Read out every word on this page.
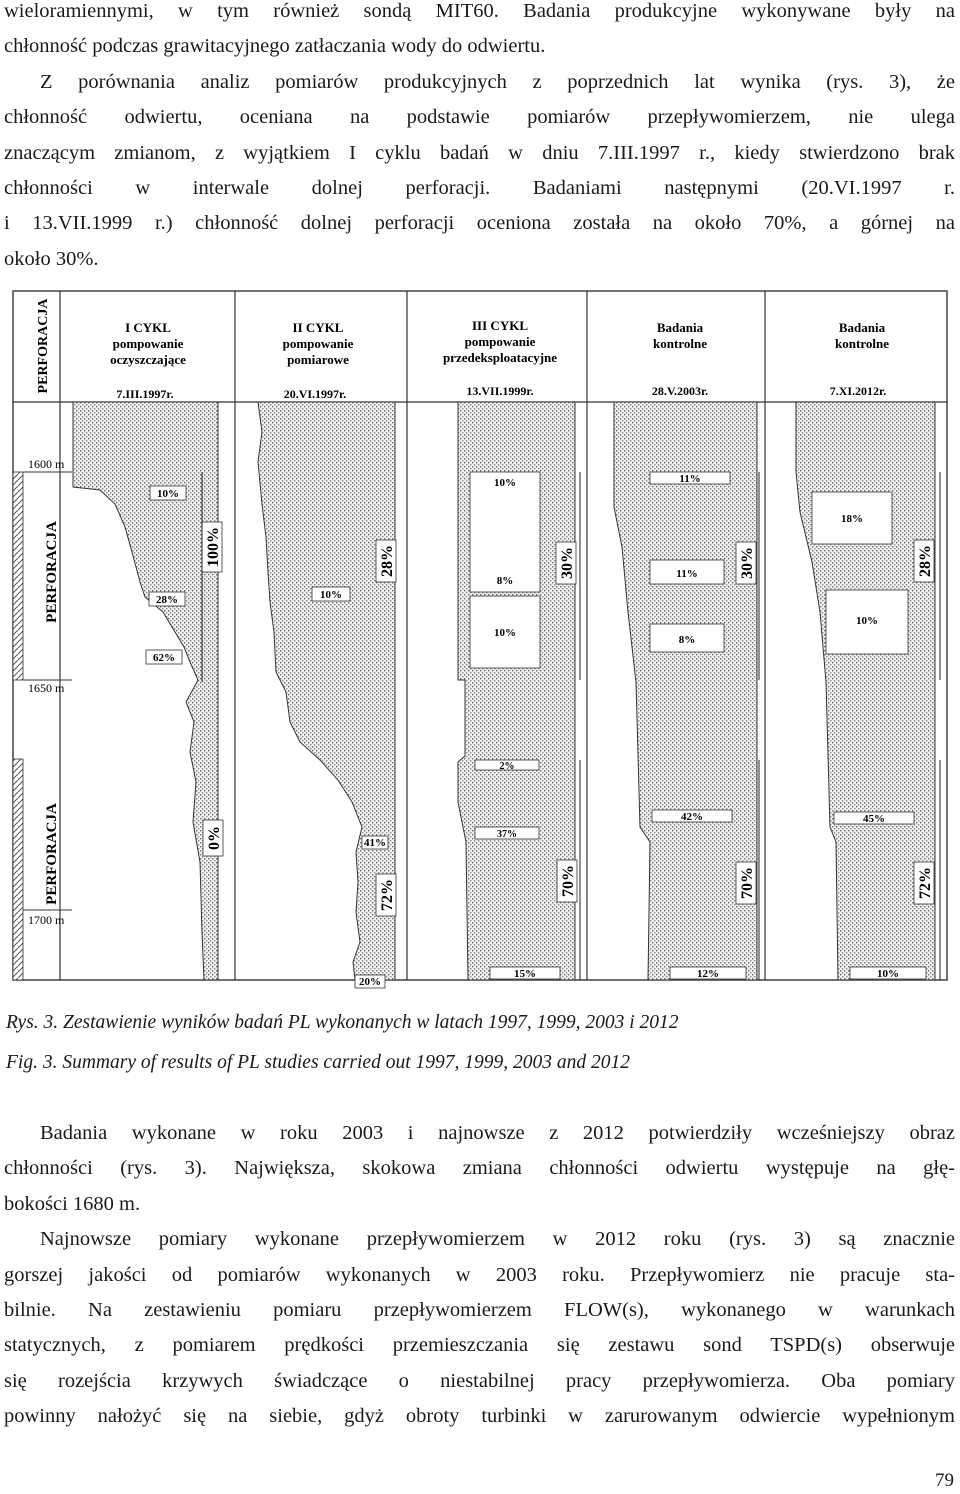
wieloramiennymi, w tym również sondą MIT60. Badania produkcyjne wykonywane były na
chłonność podczas grawitacyjnego zatłaczania wody do odwiertu.
Z porównania analiz pomiarów produkcyjnych z poprzednich lat wynika (rys. 3), że
chłonność odwiertu, oceniana na podstawie pomiarów przepływomierzem, nie ulega
znaczącym zmianom, z wyjątkiem I cyklu badań w dniu 7.III.1997 r., kiedy stwierdzono brak
chłonności w interwale dolnej perforacji. Badaniami następnymi (20.VI.1997 r.
i 13.VII.1999 r.) chłonność dolnej perforacji oceniona została na około 70%, a górnej na
około 30%.
PERFORACJA
PERFORACJA
PERFORACJA
1600 m
1650 m
1700 m
I CYKL
pompowanie
oczyszczające
7.III.1997r.
10%
28%
62%
100%
0%
II CYKL
pompowanie
pomiarowe
20.VI.1997r.
10%
41%
20%
28%
72%
III CYKL
pompowanie
przedeksploatacyjne
13.VII.1999r.
10%
8%
10%
2%
37%
15%
30%
70%
Badania
kontrolne
28.V.2003r.
11%
11%
8%
42%
12%
30%
70%
Badania
kontrolne
7.XI.2012r.
18%
10%
45%
10%
28%
72%

Rys. 3. Zestawienie wyników badań PL wykonanych w latach 1997, 1999, 2003 i 2012

Fig. 3. Summary of results of PL studies carried out 1997, 1999, 2003 and 2012

Badania wykonane w roku 2003 i najnowsze z 2012 potwierdziły wcześniejszy obraz
chłonności (rys. 3). Największa, skokowa zmiana chłonności odwiertu występuje na głę-
bokości 1680 m.
Najnowsze pomiary wykonane przepływomierzem w 2012 roku (rys. 3) są znacznie
gorszej jakości od pomiarów wykonanych w 2003 roku. Przepływomierz nie pracuje sta-
bilnie. Na zestawieniu pomiaru przepływomierzem FLOW(s), wykonanego w warunkach
statycznych, z pomiarem prędkości przemieszczania się zestawu sond TSPD(s) obserwuje
się rozejścia krzywych świadczące o niestabilnej pracy przepływomierza. Oba pomiary
powinny nałożyć się na siebie, gdyż obroty turbinki w zarurowanym odwiercie wypełnionym
79
